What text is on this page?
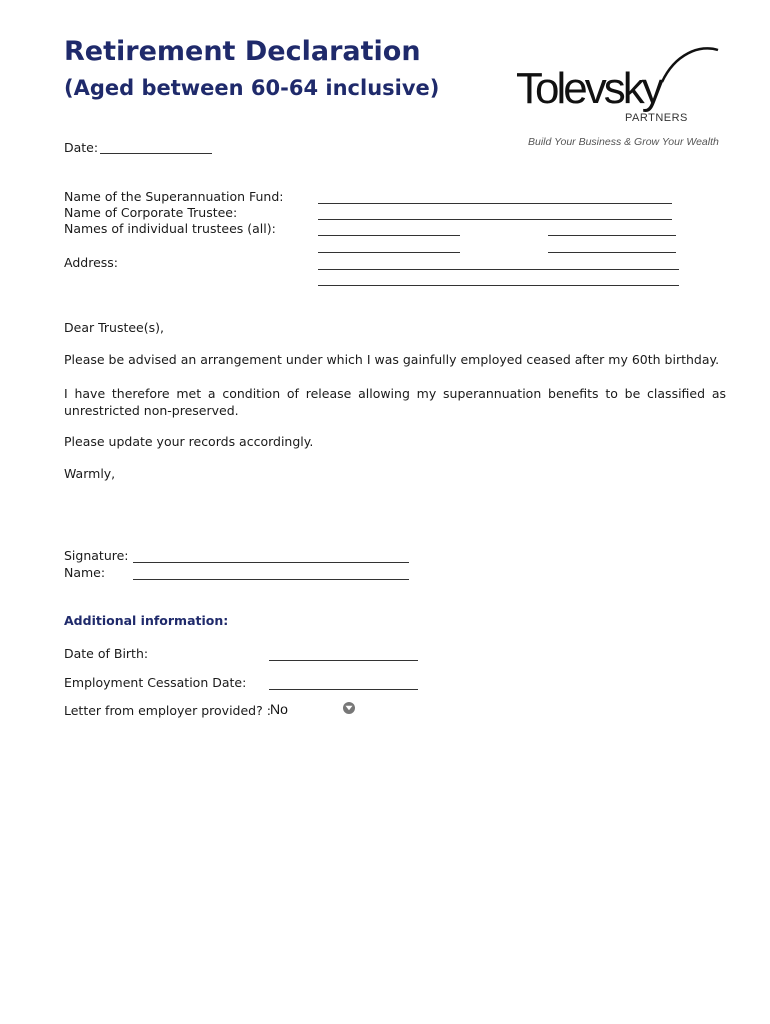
Retirement Declaration
(Aged between 60-64 inclusive) Tolevsky
PARTNERS
Build Your Business & Grow Your Wealth
Date:
Name of the Superannuation Fund:
Name of Corporate Trustee:
Names of individual trustees (all):
Address:
Dear Trustee(s),
Please be advised an arrangement under which I was gainfully employed ceased after my 60th birthday.
I have therefore met a condition of release allowing my superannuation benefits to be classified as unrestricted non-preserved.
Please update your records accordingly.
Warmly,
Signature:
Name:
Additional information:
Date of Birth:
Employment Cessation Date:
Letter from employer provided? : No
